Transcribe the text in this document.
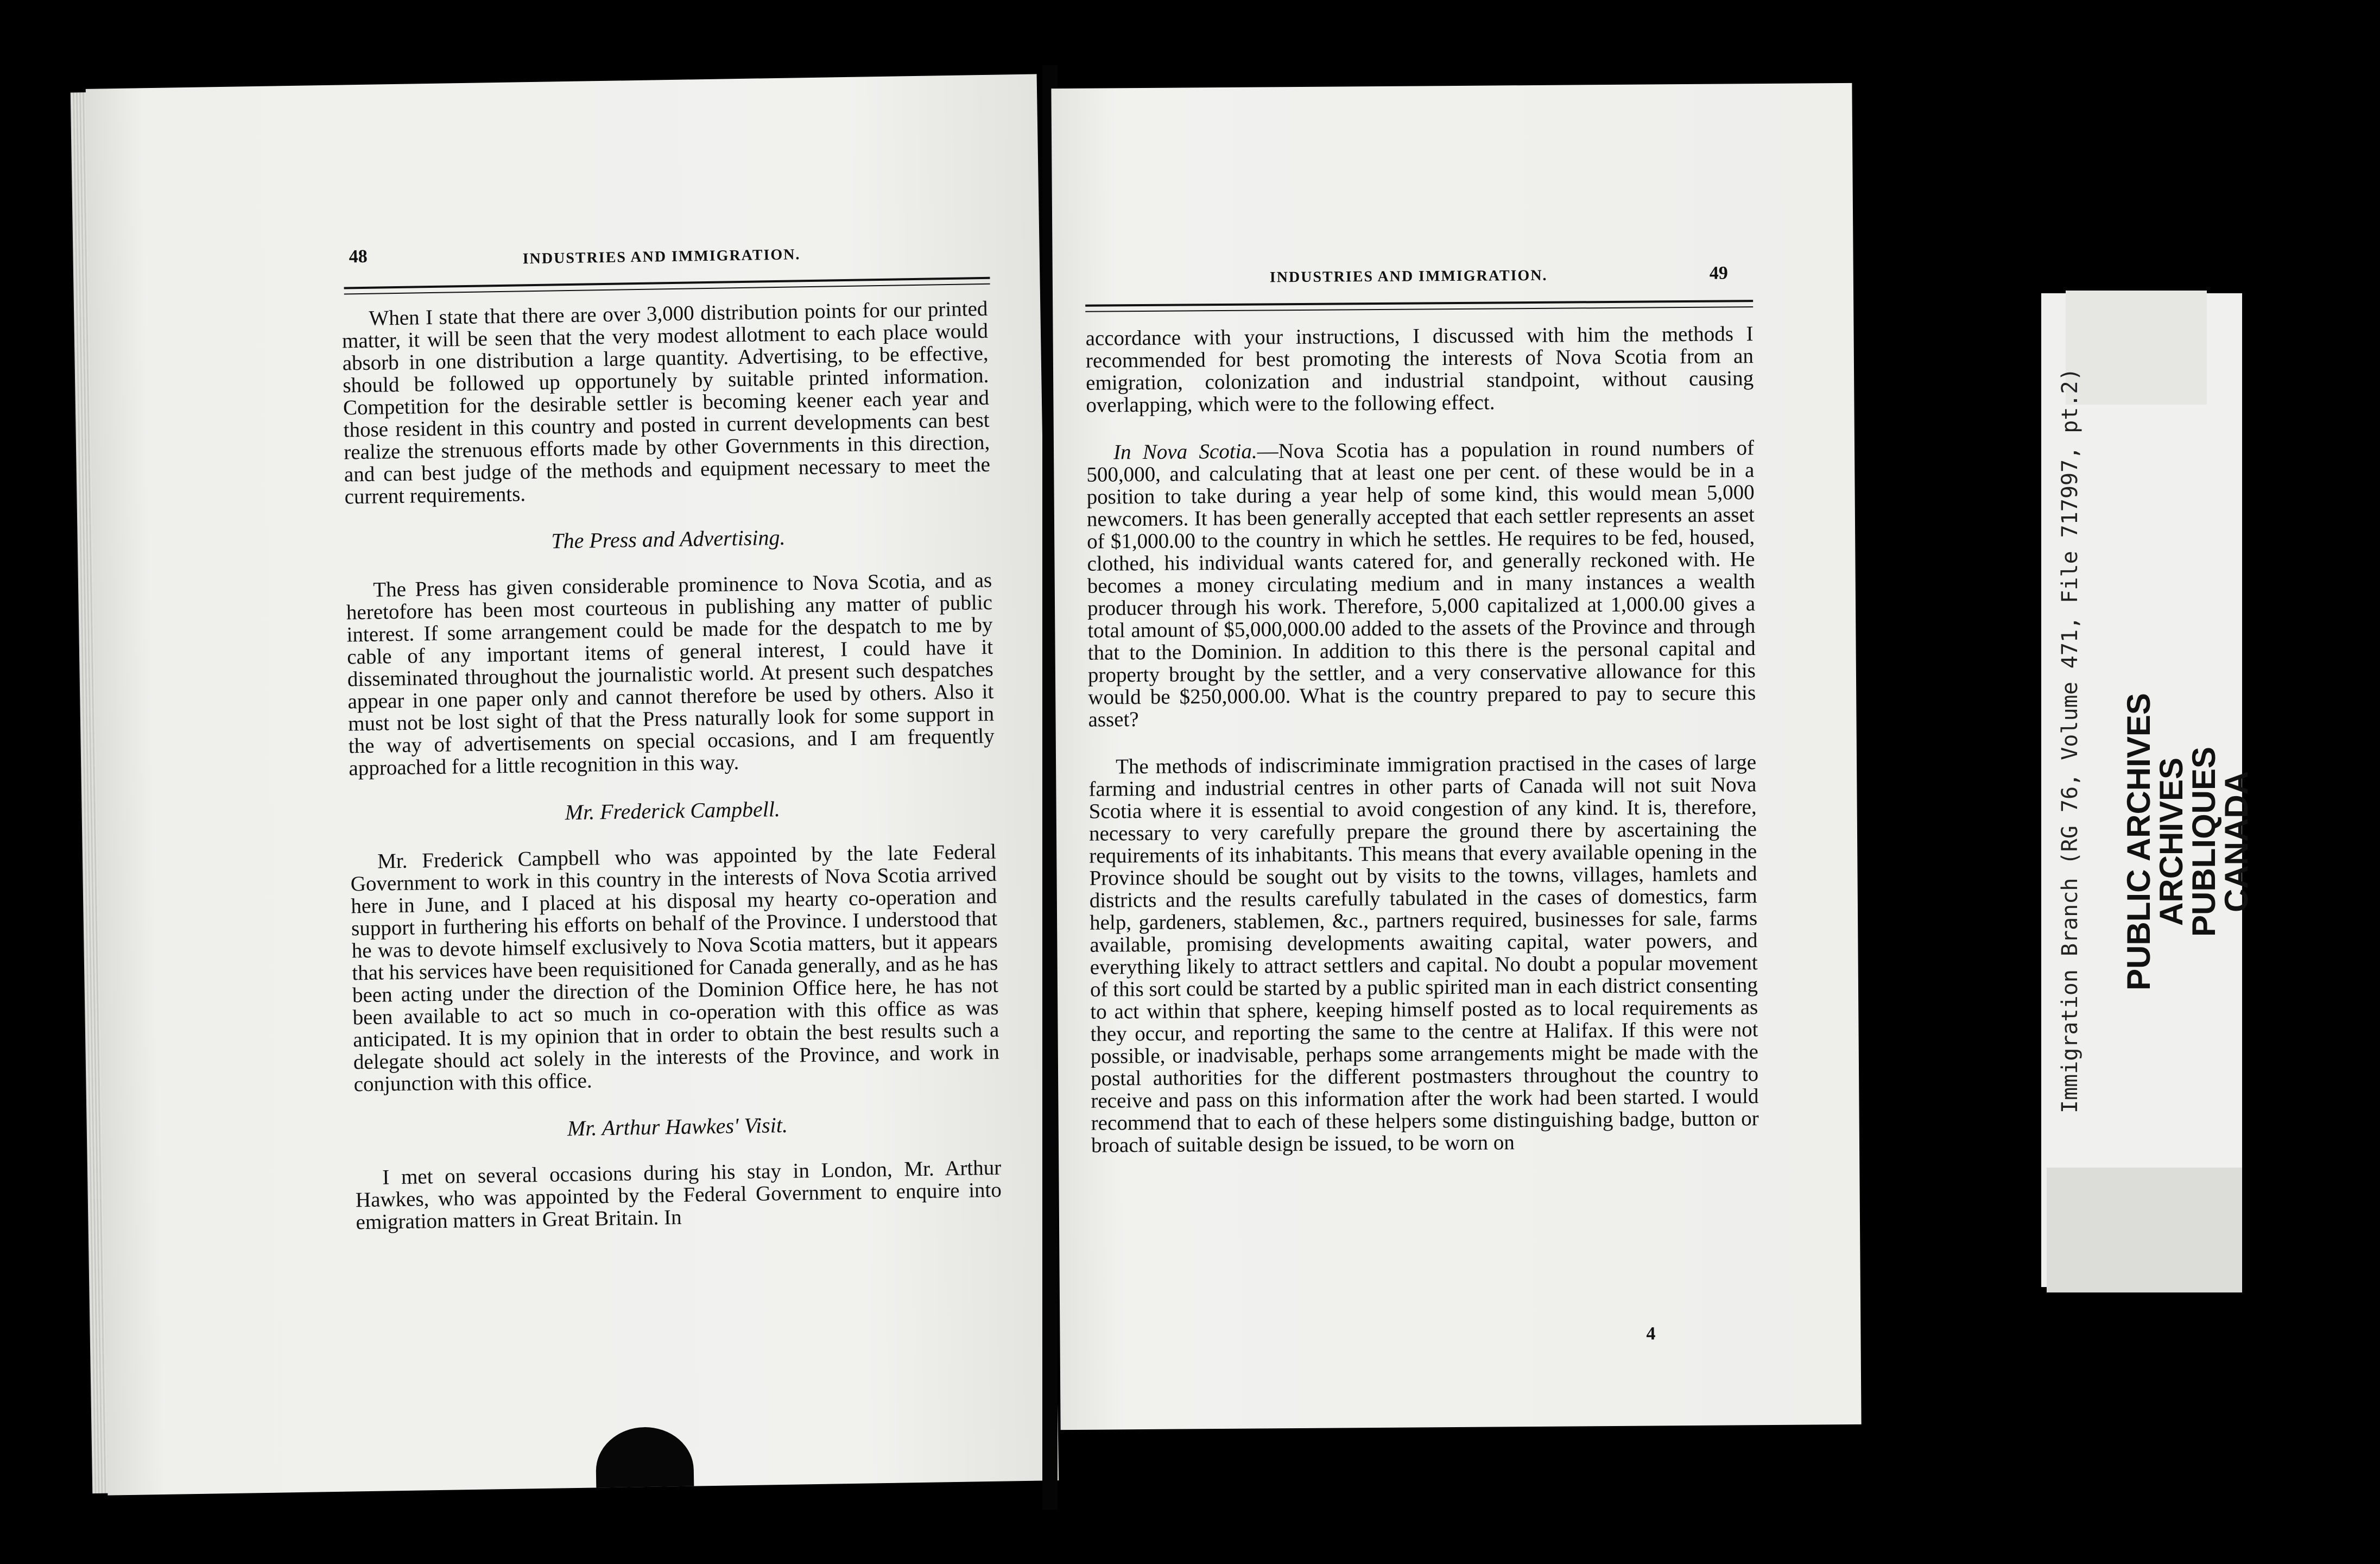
48	INDUSTRIES AND IMMIGRATION.

When I state that there are over 3,000 distribution points for our printed matter, it will be seen that the very modest allotment to each place would absorb in one distribution a large quantity. Advertising, to be effective, should be followed up opportunely by suitable printed information. Competition for the desirable settler is becoming keener each year and those resident in this country and posted in current developments can best realize the strenuous efforts made by other Governments in this direction, and can best judge of the methods and equipment necessary to meet the current requirements.

The Press and Advertising.

The Press has given considerable prominence to Nova Scotia, and as heretofore has been most courteous in publishing any matter of public interest. If some arrangement could be made for the despatch to me by cable of any important items of general interest, I could have it disseminated throughout the journalistic world. At present such despatches appear in one paper only and cannot therefore be used by others. Also it must not be lost sight of that the Press naturally look for some support in the way of advertisements on special occasions, and I am frequently approached for a little recognition in this way.

Mr. Frederick Campbell.

Mr. Frederick Campbell who was appointed by the late Federal Government to work in this country in the interests of Nova Scotia arrived here in June, and I placed at his disposal my hearty co-operation and support in furthering his efforts on behalf of the Province. I understood that he was to devote himself exclusively to Nova Scotia matters, but it appears that his services have been requisitioned for Canada generally, and as he has been acting under the direction of the Dominion Office here, he has not been available to act so much in co-operation with this office as was anticipated. It is my opinion that in order to obtain the best results such a delegate should act solely in the interests of the Province, and work in conjunction with this office.

Mr. Arthur Hawkes' Visit.

I met on several occasions during his stay in London, Mr. Arthur Hawkes, who was appointed by the Federal Government to enquire into emigration matters in Great Britain. In

INDUSTRIES AND IMMIGRATION.	49

accordance with your instructions, I discussed with him the methods I recommended for best promoting the interests of Nova Scotia from an emigration, colonization and industrial standpoint, without causing overlapping, which were to the following effect.

In Nova Scotia.—Nova Scotia has a population in round numbers of 500,000, and calculating that at least one per cent. of these would be in a position to take during a year help of some kind, this would mean 5,000 newcomers. It has been generally accepted that each settler represents an asset of $1,000.00 to the country in which he settles. He requires to be fed, housed, clothed, his individual wants catered for, and generally reckoned with. He becomes a money circulating medium and in many instances a wealth producer through his work. Therefore, 5,000 capitalized at 1,000.00 gives a total amount of $5,000,000.00 added to the assets of the Province and through that to the Dominion. In addition to this there is the personal capital and property brought by the settler, and a very conservative allowance for this would be $250,000.00. What is the country prepared to pay to secure this asset?

The methods of indiscriminate immigration practised in the cases of large farming and industrial centres in other parts of Canada will not suit Nova Scotia where it is essential to avoid congestion of any kind. It is, therefore, necessary to very carefully prepare the ground there by ascertaining the requirements of its inhabitants. This means that every available opening in the Province should be sought out by visits to the towns, villages, hamlets and districts and the results carefully tabulated in the cases of domestics, farm help, gardeners, stablemen, &c., partners required, businesses for sale, farms available, promising developments awaiting capital, water powers, and everything likely to attract settlers and capital. No doubt a popular movement of this sort could be started by a public spirited man in each district consenting to act within that sphere, keeping himself posted as to local requirements as they occur, and reporting the same to the centre at Halifax. If this were not possible, or inadvisable, perhaps some arrangements might be made with the postal authorities for the different postmasters throughout the country to receive and pass on this information after the work had been started. I would recommend that to each of these helpers some distinguishing badge, button or broach of suitable design be issued, to be worn on

4
Immigration Branch (RG 76, Volume 471, File 717997, pt.2) PUBLIC ARCHIVES
ARCHIVES PUBLIQUES
CANADA
